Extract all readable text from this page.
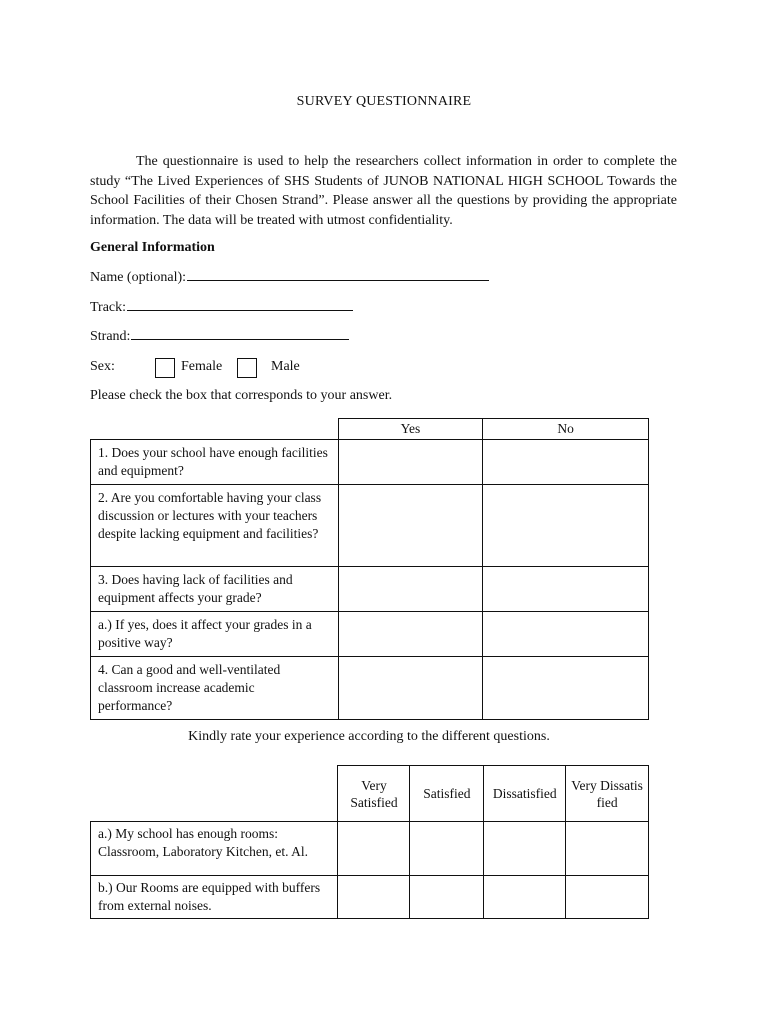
SURVEY QUESTIONNAIRE
The questionnaire is used to help the researchers collect information in order to complete the study “The Lived Experiences of SHS Students of JUNOB NATIONAL HIGH SCHOOL Towards the School Facilities of their Chosen Strand”. Please answer all the questions by providing the appropriate information. The data will be treated with utmost confidentiality.
General Information
Name (optional):
Track:
Strand:
Sex:	Female	Male
Please check the box that corresponds to your answer.
	Yes	No
1. Does your school have enough facilities and equipment?		
2. Are you comfortable having your class discussion or lectures with your teachers despite lacking equipment and facilities?		
3. Does having lack of facilities and equipment affects your grade?		
a.) If yes, does it affect your grades in a positive way?		
4. Can a good and well-ventilated classroom increase academic performance?		
Kindly rate your experience according to the different questions.
	Very Satisfied	Satisfied	Dissatisfied	Very Dissatisfied
a.) My school has enough rooms: Classroom, Laboratory Kitchen, et. Al.				
b.) Our Rooms are equipped with buffers from external noises.				
